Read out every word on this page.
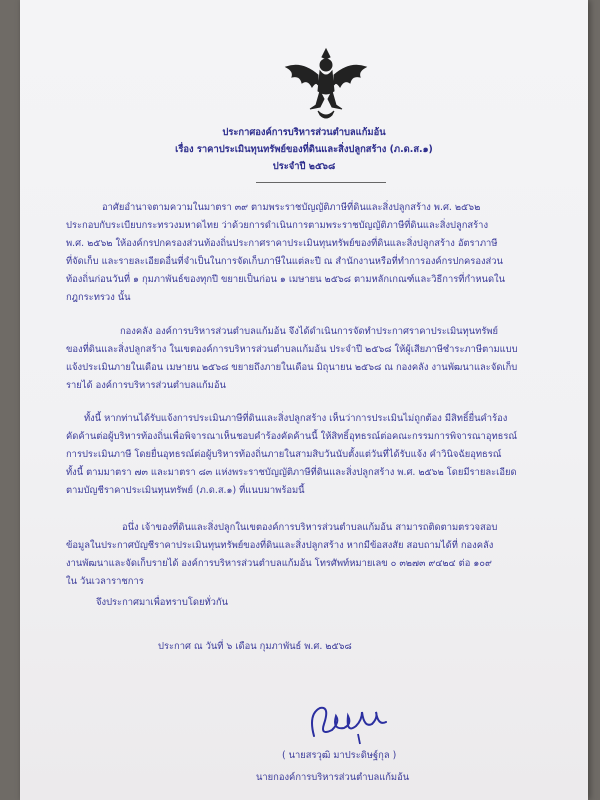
ประกาศองค์การบริหารส่วนตำบลแก้มอ้น
เรื่อง ราคาประเมินทุนทรัพย์ของที่ดินและสิ่งปลูกสร้าง (ภ.ด.ส.๑)
ประจำปี ๒๕๖๘
อาศัยอำนาจตามความในมาตรา ๓๙ ตามพระราชบัญญัติภาษีที่ดินและสิ่งปลูกสร้าง พ.ศ. ๒๕๖๒
ประกอบกับระเบียบกระทรวงมหาดไทย ว่าด้วยการดำเนินการตามพระราชบัญญัติภาษีที่ดินและสิ่งปลูกสร้าง
พ.ศ. ๒๕๖๒ ให้องค์กรปกครองส่วนท้องถิ่นประกาศราคาประเมินทุนทรัพย์ของที่ดินและสิ่งปลูกสร้าง อัตราภาษี
ที่จัดเก็บ และรายละเอียดอื่นที่จำเป็นในการจัดเก็บภาษีในแต่ละปี ณ สำนักงานหรือที่ทำการองค์กรปกครองส่วน
ท้องถิ่นก่อนวันที่ ๑ กุมภาพันธ์ของทุกปี ขยายเป็นก่อน ๑ เมษายน ๒๕๖๘ ตามหลักเกณฑ์และวิธีการที่กำหนดใน
กฎกระทรวง นั้น
กองคลัง องค์การบริหารส่วนตำบลแก้มอ้น จึงได้ดำเนินการจัดทำประกาศราคาประเมินทุนทรัพย์
ของที่ดินและสิ่งปลูกสร้าง ในเขตองค์การบริหารส่วนตำบลแก้มอ้น ประจำปี ๒๕๖๘ ให้ผู้เสียภาษีชำระภาษีตามแบบ
แจ้งประเมินภายในเดือน เมษายน ๒๕๖๘ ขยายถึงภายในเดือน มิถุนายน ๒๕๖๘ ณ กองคลัง งานพัฒนาและจัดเก็บ
รายได้ องค์การบริหารส่วนตำบลแก้มอ้น
ทั้งนี้ หากท่านได้รับแจ้งการประเมินภาษีที่ดินและสิ่งปลูกสร้าง เห็นว่าการประเมินไม่ถูกต้อง มีสิทธิ์ยื่นคำร้อง
คัดค้านต่อผู้บริหารท้องถิ่นเพื่อพิจารณาเห็นชอบคำร้องคัดค้านนี้ ให้สิทธิ์อุทธรณ์ต่อคณะกรรมการพิจารณาอุทธรณ์
การประเมินภาษี โดยยื่นอุทธรณ์ต่อผู้บริหารท้องถิ่นภายในสามสิบวันนับตั้งแต่วันที่ได้รับแจ้ง คำวินิจฉัยอุทธรณ์
ทั้งนี้ ตามมาตรา ๗๓ และมาตรา ๘๓ แห่งพระราชบัญญัติภาษีที่ดินและสิ่งปลูกสร้าง พ.ศ. ๒๕๖๒ โดยมีรายละเอียด
ตามบัญชีราคาประเมินทุนทรัพย์ (ภ.ด.ส.๑) ที่แนบมาพร้อมนี้
อนึ่ง เจ้าของที่ดินและสิ่งปลูกในเขตองค์การบริหารส่วนตำบลแก้มอ้น สามารถติดตามตรวจสอบ
ข้อมูลในประกาศบัญชีราคาประเมินทุนทรัพย์ของที่ดินและสิ่งปลูกสร้าง หากมีข้อสงสัย สอบถามได้ที่ กองคลัง
งานพัฒนาและจัดเก็บรายได้ องค์การบริหารส่วนตำบลแก้มอ้น โทรศัพท์หมายเลข ๐ ๓๒๗๓ ๙๔๒๔ ต่อ ๑๐๙
ใน วันเวลาราชการ
จึงประกาศมาเพื่อทราบโดยทั่วกัน
ประกาศ ณ วันที่ ๖ เดือน กุมภาพันธ์ พ.ศ. ๒๕๖๘
( นายสรวุฒิ มาประดิษฐ์กุล )
นายกองค์การบริหารส่วนตำบลแก้มอ้น
